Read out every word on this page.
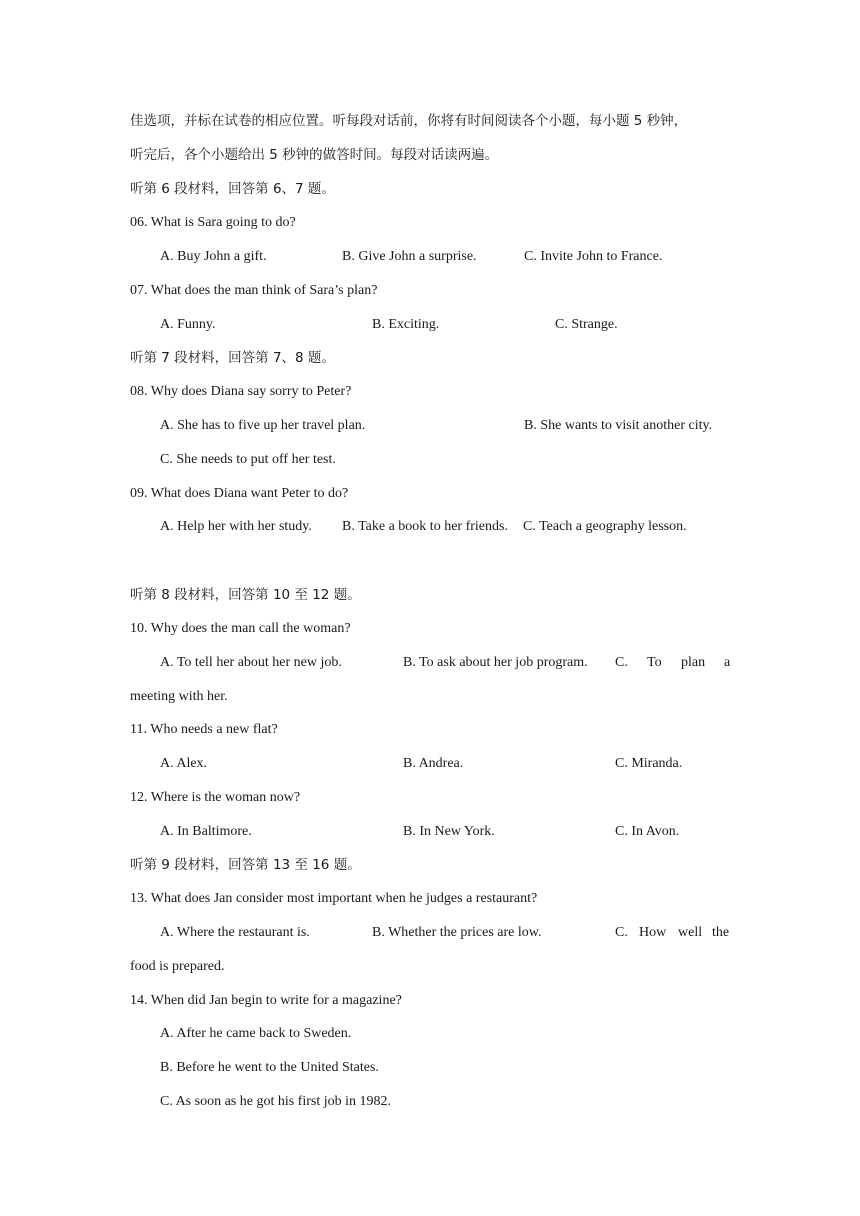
佳选项，并标在试卷的相应位置。听每段对话前，你将有时间阅读各个小题，每小题 5 秒钟，
听完后，各个小题给出 5 秒钟的做答时间。每段对话读两遍。
听第 6 段材料，回答第 6、7 题。
06. What is Sara going to do?
A. Buy John a gift.	B. Give John a surprise.	C. Invite John to France.
07. What does the man think of Sara’s plan?
A. Funny.	B. Exciting.	C. Strange.
听第 7 段材料，回答第 7、8 题。
08. Why does Diana say sorry to Peter?
A. She has to five up her travel plan.	B. She wants to visit another city.
C. She needs to put off her test.
09. What does Diana want Peter to do?
A. Help her with her study. B. Take a book to her friends. C. Teach a geography lesson.
听第 8 段材料，回答第 10 至 12 题。
10. Why does the man call the woman?
A. To tell her about her new job.	B. To ask about her job program. C. To plan a
meeting with her.
11. Who needs a new flat?
A. Alex.	B. Andrea.	C. Miranda.
12. Where is the woman now?
A. In Baltimore.	B. In New York.	C. In Avon.
听第 9 段材料，回答第 13 至 16 题。
13. What does Jan consider most important when he judges a restaurant?
A. Where the restaurant is.	B. Whether the prices are low.	C. How well the
food is prepared.
14. When did Jan begin to write for a magazine?
A. After he came back to Sweden.
B. Before he went to the United States.
C. As soon as he got his first job in 1982.
